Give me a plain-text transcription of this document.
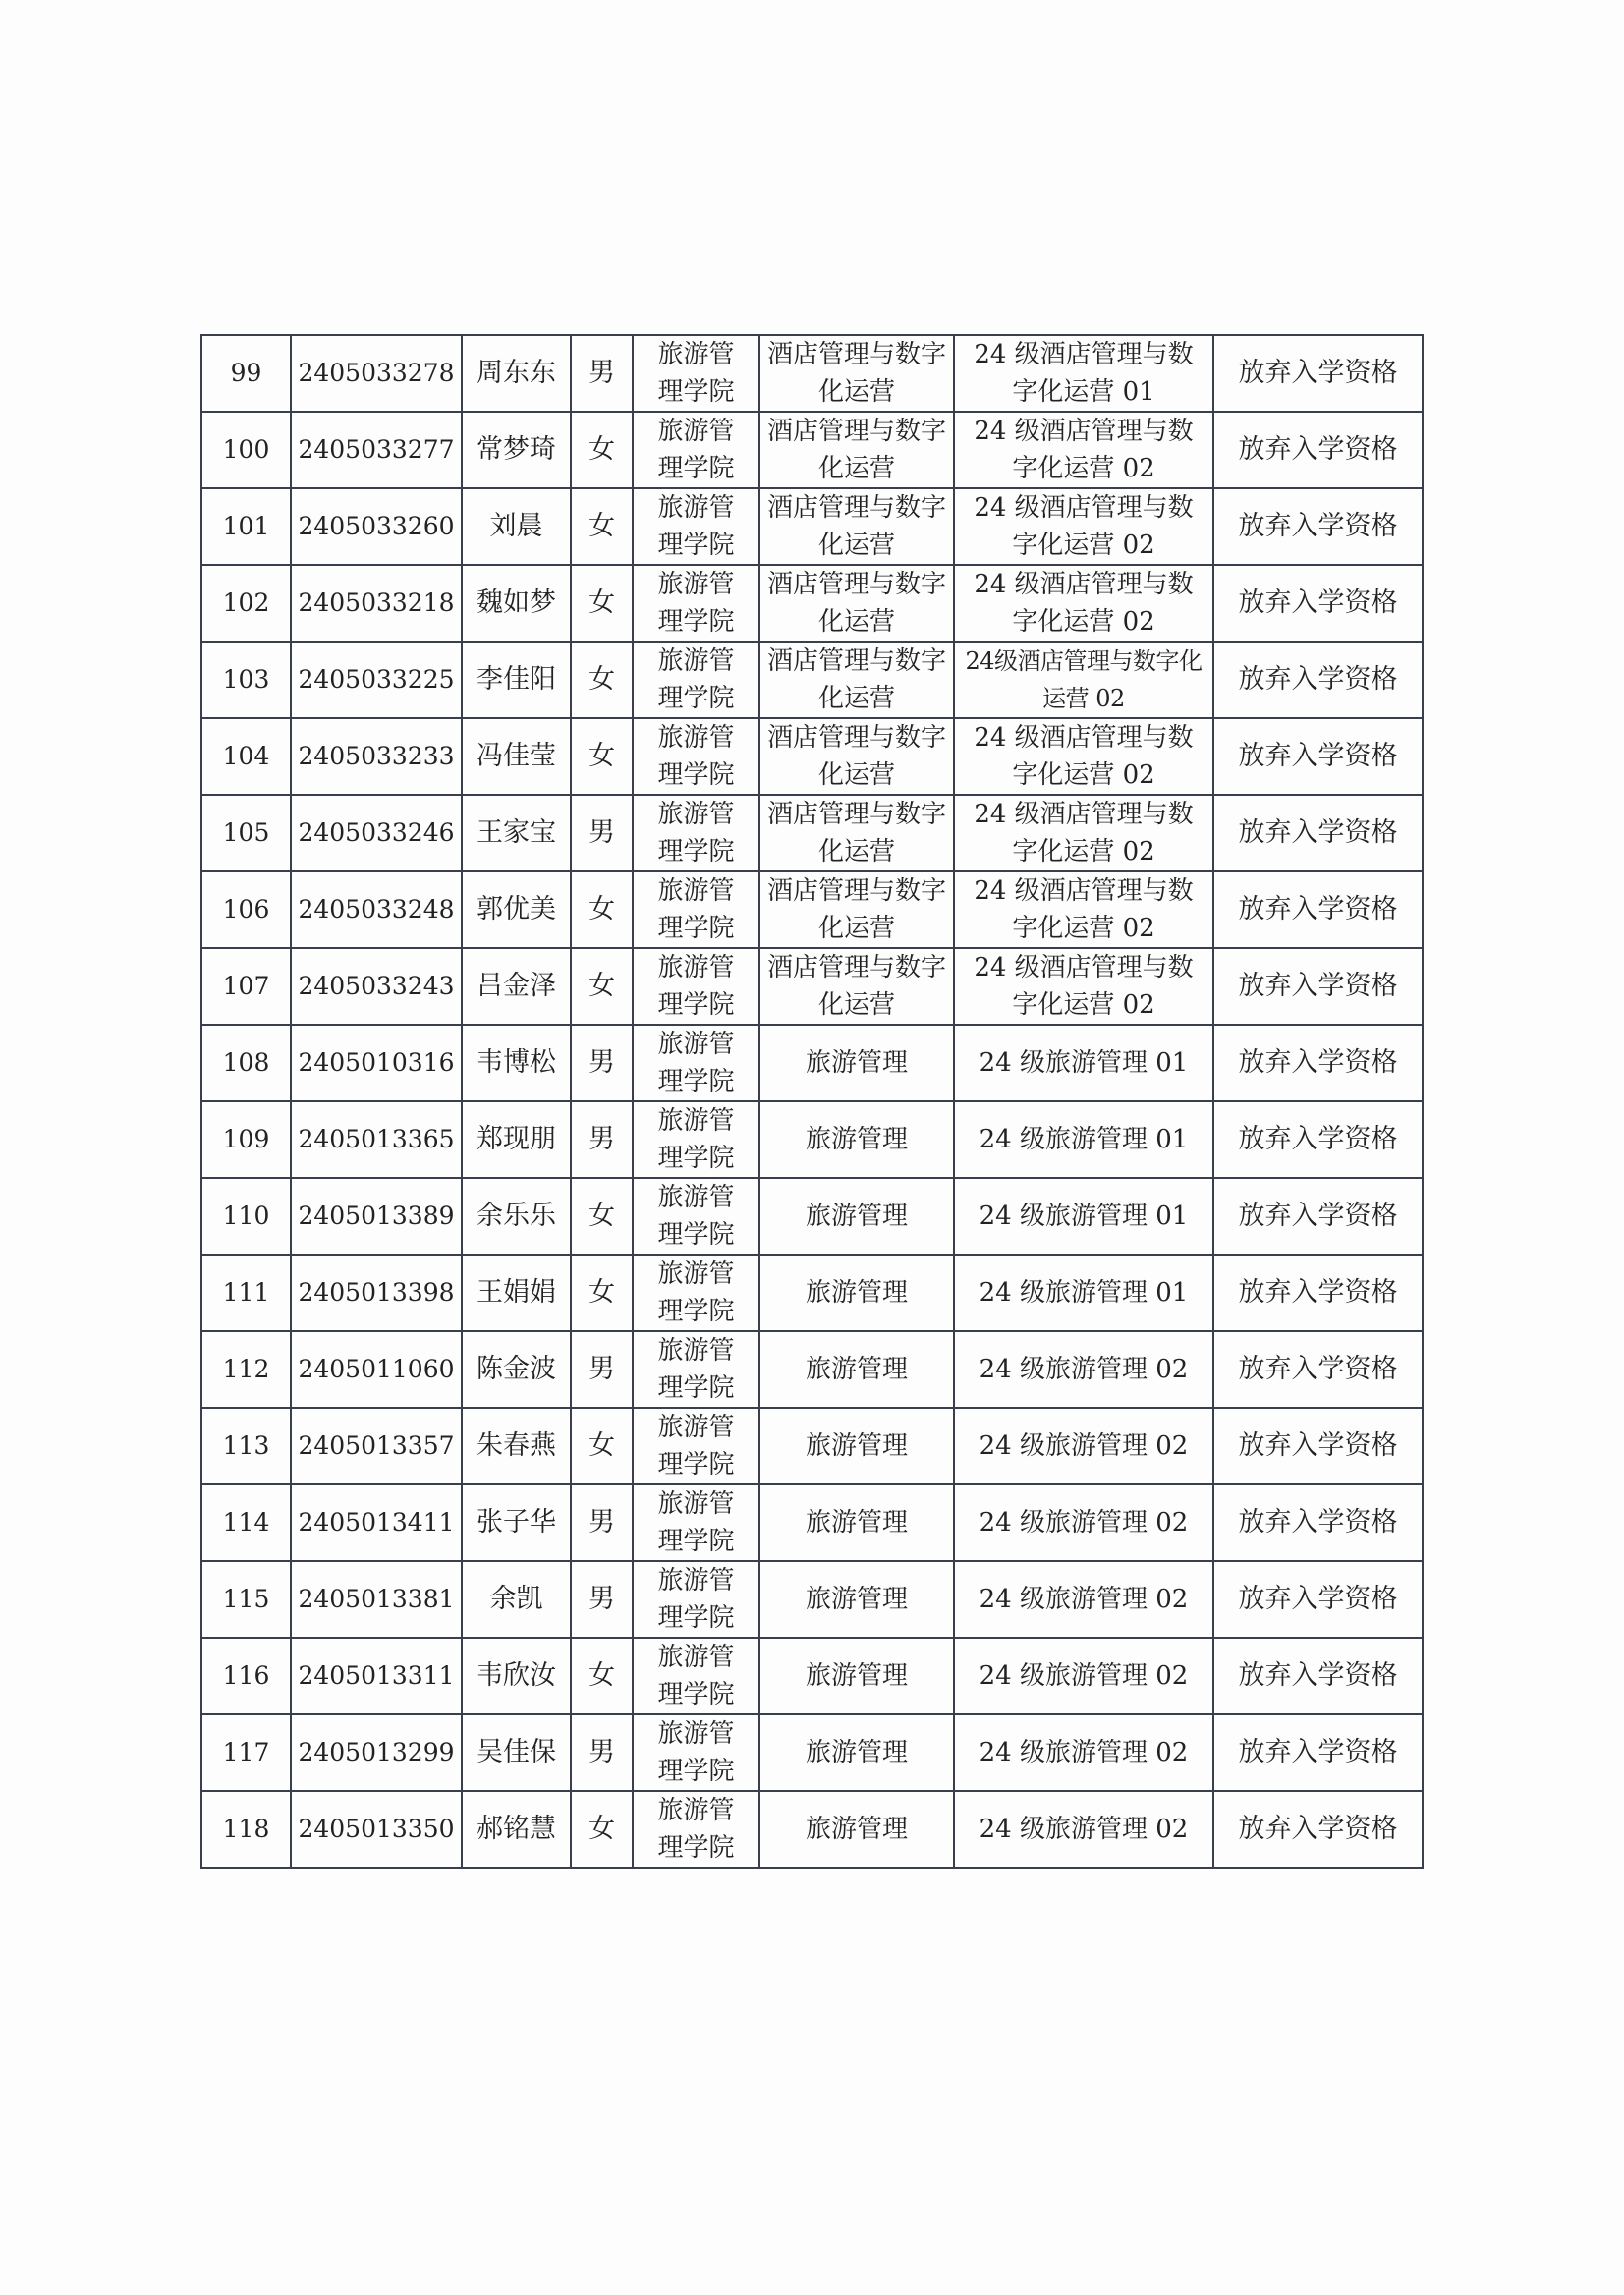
99	2405033278	周东东	男	旅游管理学院	酒店管理与数字化运营	24 级酒店管理与数字化运营 01	放弃入学资格
100	2405033277	常梦琦	女	旅游管理学院	酒店管理与数字化运营	24 级酒店管理与数字化运营 02	放弃入学资格
101	2405033260	刘晨	女	旅游管理学院	酒店管理与数字化运营	24 级酒店管理与数字化运营 02	放弃入学资格
102	2405033218	魏如梦	女	旅游管理学院	酒店管理与数字化运营	24 级酒店管理与数字化运营 02	放弃入学资格
103	2405033225	李佳阳	女	旅游管理学院	酒店管理与数字化运营	24级酒店管理与数字化运营 02	放弃入学资格
104	2405033233	冯佳莹	女	旅游管理学院	酒店管理与数字化运营	24 级酒店管理与数字化运营 02	放弃入学资格
105	2405033246	王家宝	男	旅游管理学院	酒店管理与数字化运营	24 级酒店管理与数字化运营 02	放弃入学资格
106	2405033248	郭优美	女	旅游管理学院	酒店管理与数字化运营	24 级酒店管理与数字化运营 02	放弃入学资格
107	2405033243	吕金泽	女	旅游管理学院	酒店管理与数字化运营	24 级酒店管理与数字化运营 02	放弃入学资格
108	2405010316	韦博松	男	旅游管理学院	旅游管理	24 级旅游管理 01	放弃入学资格
109	2405013365	郑现朋	男	旅游管理学院	旅游管理	24 级旅游管理 01	放弃入学资格
110	2405013389	余乐乐	女	旅游管理学院	旅游管理	24 级旅游管理 01	放弃入学资格
111	2405013398	王娟娟	女	旅游管理学院	旅游管理	24 级旅游管理 01	放弃入学资格
112	2405011060	陈金波	男	旅游管理学院	旅游管理	24 级旅游管理 02	放弃入学资格
113	2405013357	朱春燕	女	旅游管理学院	旅游管理	24 级旅游管理 02	放弃入学资格
114	2405013411	张子华	男	旅游管理学院	旅游管理	24 级旅游管理 02	放弃入学资格
115	2405013381	余凯	男	旅游管理学院	旅游管理	24 级旅游管理 02	放弃入学资格
116	2405013311	韦欣汝	女	旅游管理学院	旅游管理	24 级旅游管理 02	放弃入学资格
117	2405013299	吴佳保	男	旅游管理学院	旅游管理	24 级旅游管理 02	放弃入学资格
118	2405013350	郝铭慧	女	旅游管理学院	旅游管理	24 级旅游管理 02	放弃入学资格
